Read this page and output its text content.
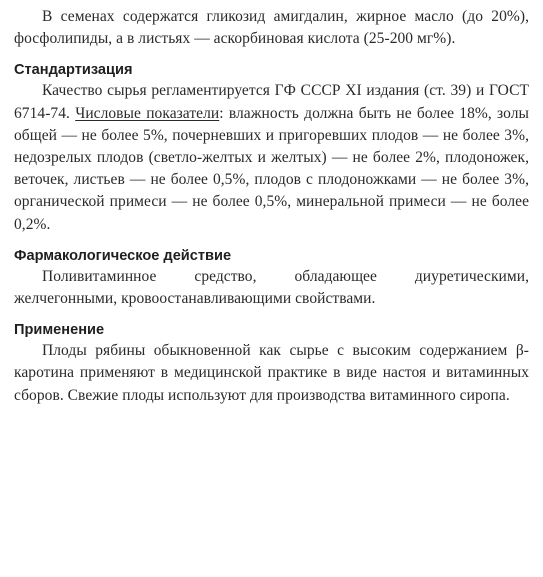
В семенах содержатся гликозид амигдалин, жирное масло (до 20%), фосфолипиды, а в листьях — аскорбиновая кислота (25-200 мг%).

Стандартизация

Качество сырья регламентируется ГФ СССР XI издания (ст. 39) и ГОСТ 6714-74. Числовые показатели: влажность должна быть не более 18%, золы общей — не более 5%, почерневших и пригоревших плодов — не более 3%, недозрелых плодов (светло-желтых и желтых) — не более 2%, плодоножек, веточек, листьев — не более 0,5%, плодов с плодоножками — не более 3%, органической примеси — не более 0,5%, минеральной примеси — не более 0,2%.

Фармакологическое действие

Поливитаминное средство, обладающее диуретическими, желчегонными, кровоостанавливающими свойствами.

Применение

Плоды рябины обыкновенной как сырье с высоким содержанием β-каротина применяют в медицинской практике в виде настоя и витаминных сборов. Свежие плоды используют для производства витаминного сиропа.
